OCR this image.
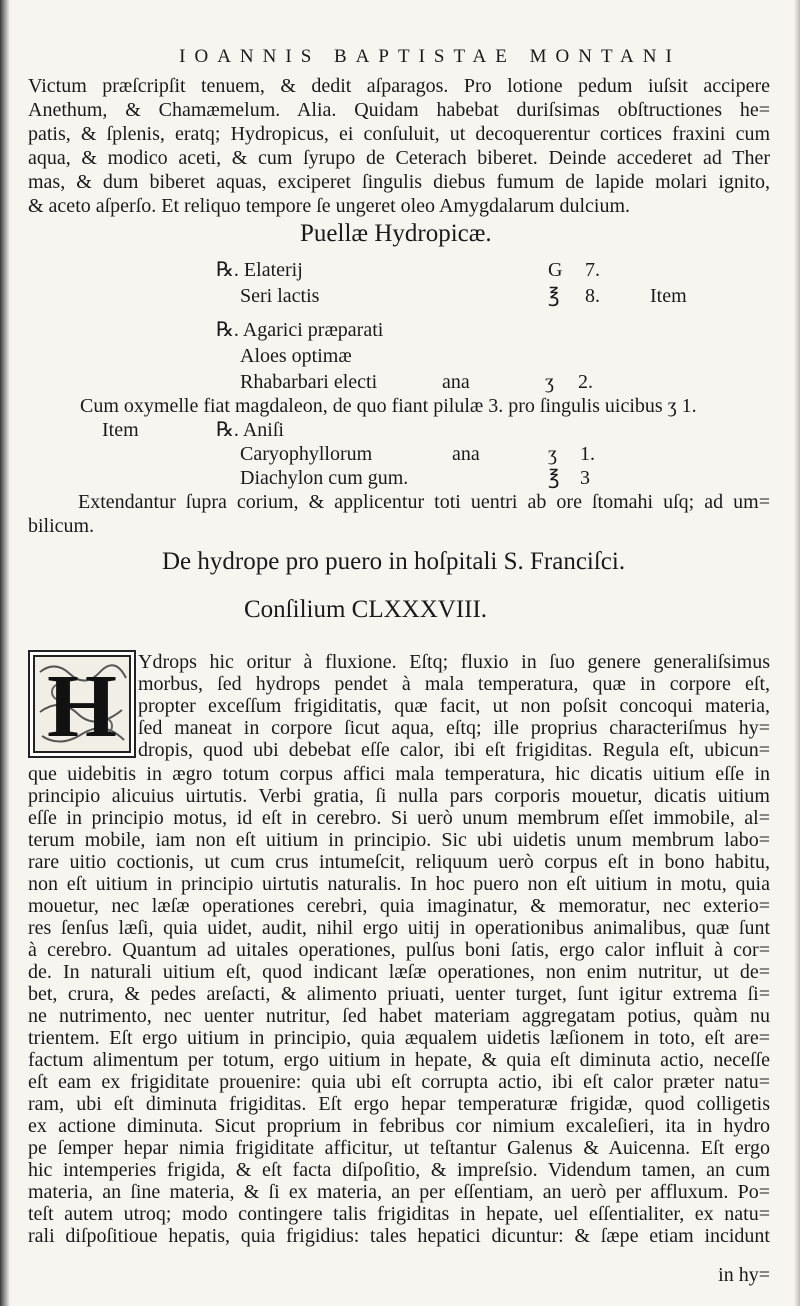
IOANNIS BAPTISTAE MONTANI
Victum præſcripſit tenuem, & dedit aſparagos. Pro lotione pedum iuſsit accipere
Anethum, & Chamæmelum. Alia. Quidam habebat duriſsimas obſtructiones he=
patis, & ſplenis, eratq; Hydropicus, ei conſuluit, ut decoquerentur cortices fraxini cum
aqua, & modico aceti, & cum ſyrupo de Ceterach biberet. Deinde accederet ad Ther
mas, & dum biberet aquas, exciperet ſingulis diebus fumum de lapide molari ignito,
& aceto aſperſo. Et reliquo tempore ſe ungeret oleo Amygdalarum dulcium.
Puellæ Hydropicæ.
℞. Elaterij	G 7.
Seri lactis	℥ 8.	Item
℞. Agarici præparati
Aloes optimæ
Rhabarbari electi	ana	ʒ 2.
Cum oxymelle fiat magdaleon, de quo fiant pilulæ 3. pro ſingulis uicibus ʒ 1.
Item	℞. Aniſi
Caryophyllorum	ana	ʒ 1.
Diachylon cum gum.	℥ 3
Extendantur ſupra corium, & applicentur toti uentri ab ore ſtomahi uſq; ad um=
bilicum.
De hydrope pro puero in hoſpitali S. Franciſci.
Conſilium CLXXXVIII.
H Ydrops hic oritur à fluxione. Eſtq; fluxio in ſuo genere generaliſsimus
morbus, ſed hydrops pendet à mala temperatura, quæ in corpore eſt,
propter exceſſum frigiditatis, quæ facit, ut non poſsit concoqui materia,
ſed maneat in corpore ſicut aqua, eſtq; ille proprius characteriſmus hy=
dropis, quod ubi debebat eſſe calor, ibi eſt frigiditas. Regula eſt, ubicun=
que uidebitis in ægro totum corpus affici mala temperatura, hic dicatis uitium eſſe in
principio alicuius uirtutis. Verbi gratia, ſi nulla pars corporis mouetur, dicatis uitium
eſſe in principio motus, id eſt in cerebro. Si uerò unum membrum eſſet immobile, al=
terum mobile, iam non eſt uitium in principio. Sic ubi uidetis unum membrum labo=
rare uitio coctionis, ut cum crus intumeſcit, reliquum uerò corpus eſt in bono habitu,
non eſt uitium in principio uirtutis naturalis. In hoc puero non eſt uitium in motu, quia
mouetur, nec læſæ operationes cerebri, quia imaginatur, & memoratur, nec exterio=
res ſenſus læſi, quia uidet, audit, nihil ergo uitij in operationibus animalibus, quæ ſunt
à cerebro. Quantum ad uitales operationes, pulſus boni ſatis, ergo calor influit à cor=
de. In naturali uitium eſt, quod indicant læſæ operationes, non enim nutritur, ut de=
bet, crura, & pedes areſacti, & alimento priuati, uenter turget, ſunt igitur extrema ſi=
ne nutrimento, nec uenter nutritur, ſed habet materiam aggregatam potius, quàm nu
trientem. Eſt ergo uitium in principio, quia æqualem uidetis læſionem in toto, eſt are=
factum alimentum per totum, ergo uitium in hepate, & quia eſt diminuta actio, neceſſe
eſt eam ex frigiditate prouenire: quia ubi eſt corrupta actio, ibi eſt calor præter natu=
ram, ubi eſt diminuta frigiditas. Eſt ergo hepar temperaturæ frigidæ, quod colligetis
ex actione diminuta. Sicut proprium in febribus cor nimium excaleſieri, ita in hydro
pe ſemper hepar nimia frigiditate afficitur, ut teſtantur Galenus & Auicenna. Eſt ergo
hic intemperies frigida, & eſt facta diſpoſitio, & impreſsio. Videndum tamen, an cum
materia, an ſine materia, & ſi ex materia, an per eſſentiam, an uerò per affluxum. Po=
teſt autem utroq; modo contingere talis frigiditas in hepate, uel eſſentialiter, ex natu=
rali diſpoſitioue hepatis, quia frigidius: tales hepatici dicuntur: & ſæpe etiam incidunt
in hy=
